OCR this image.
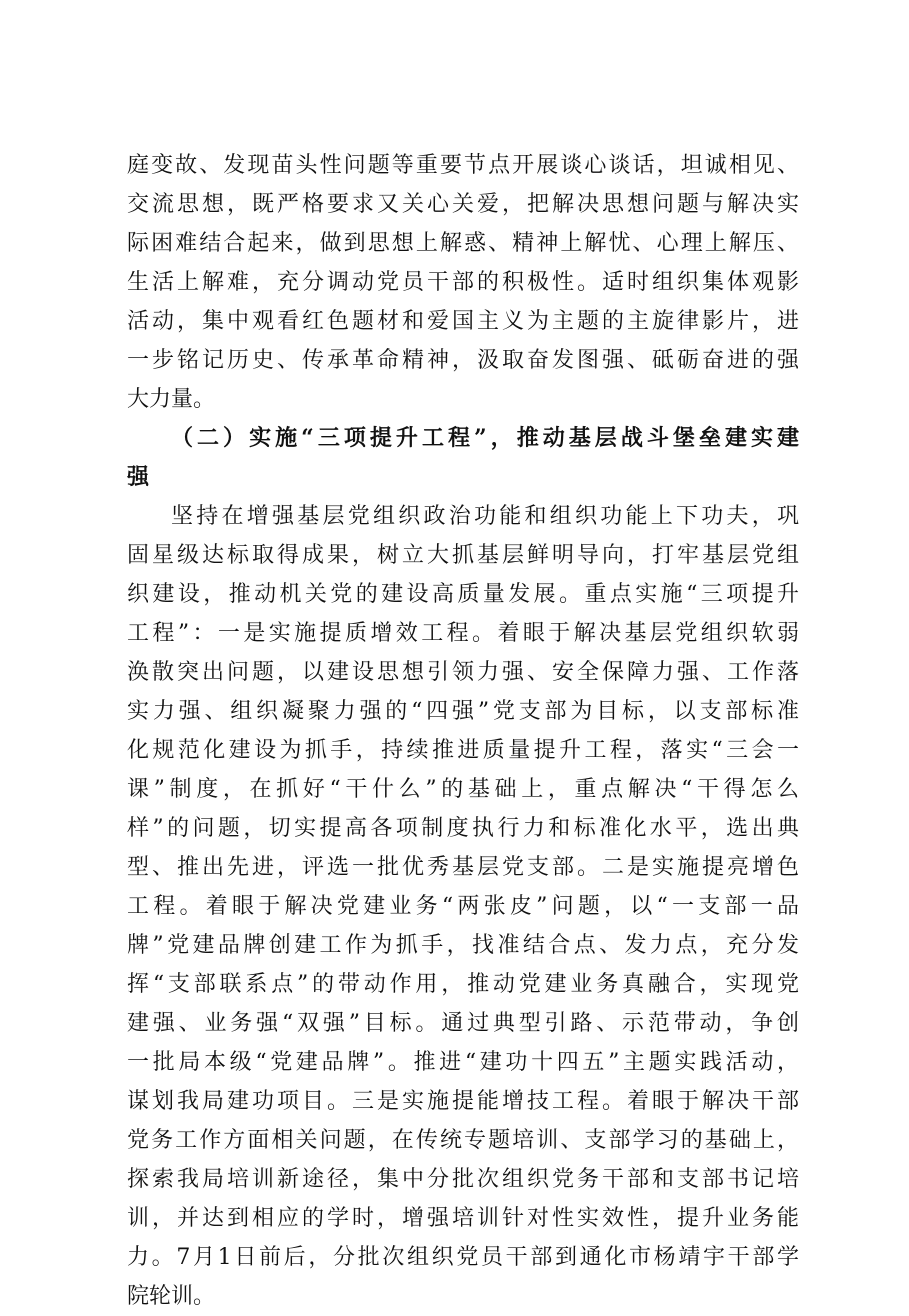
庭变故、发现苗头性问题等重要节点开展谈心谈话，坦诚相见、
交流思想，既严格要求又关心关爱，把解决思想问题与解决实
际困难结合起来，做到思想上解惑、精神上解忧、心理上解压、
生活上解难，充分调动党员干部的积极性。适时组织集体观影
活动，集中观看红色题材和爱国主义为主题的主旋律影片，进
一步铭记历史、传承革命精神，汲取奋发图强、砥砺奋进的强
大力量。
（二）实施“三项提升工程”，推动基层战斗堡垒建实建
强
坚持在增强基层党组织政治功能和组织功能上下功夫，巩
固星级达标取得成果，树立大抓基层鲜明导向，打牢基层党组
织建设，推动机关党的建设高质量发展。重点实施“三项提升
工程”：一是实施提质增效工程。着眼于解决基层党组织软弱
涣散突出问题，以建设思想引领力强、安全保障力强、工作落
实力强、组织凝聚力强的“四强”党支部为目标，以支部标准
化规范化建设为抓手，持续推进质量提升工程，落实“三会一
课”制度，在抓好“干什么”的基础上，重点解决“干得怎么
样”的问题，切实提高各项制度执行力和标准化水平，选出典
型、推出先进，评选一批优秀基层党支部。二是实施提亮增色
工程。着眼于解决党建业务“两张皮”问题，以“一支部一品
牌”党建品牌创建工作为抓手，找准结合点、发力点，充分发
挥“支部联系点”的带动作用，推动党建业务真融合，实现党
建强、业务强“双强”目标。通过典型引路、示范带动，争创
一批局本级“党建品牌”。推进“建功十四五”主题实践活动，
谋划我局建功项目。三是实施提能增技工程。着眼于解决干部
党务工作方面相关问题，在传统专题培训、支部学习的基础上，
探索我局培训新途径，集中分批次组织党务干部和支部书记培
训，并达到相应的学时，增强培训针对性实效性，提升业务能
力。7月1日前后，分批次组织党员干部到通化市杨靖宇干部学
院轮训。
